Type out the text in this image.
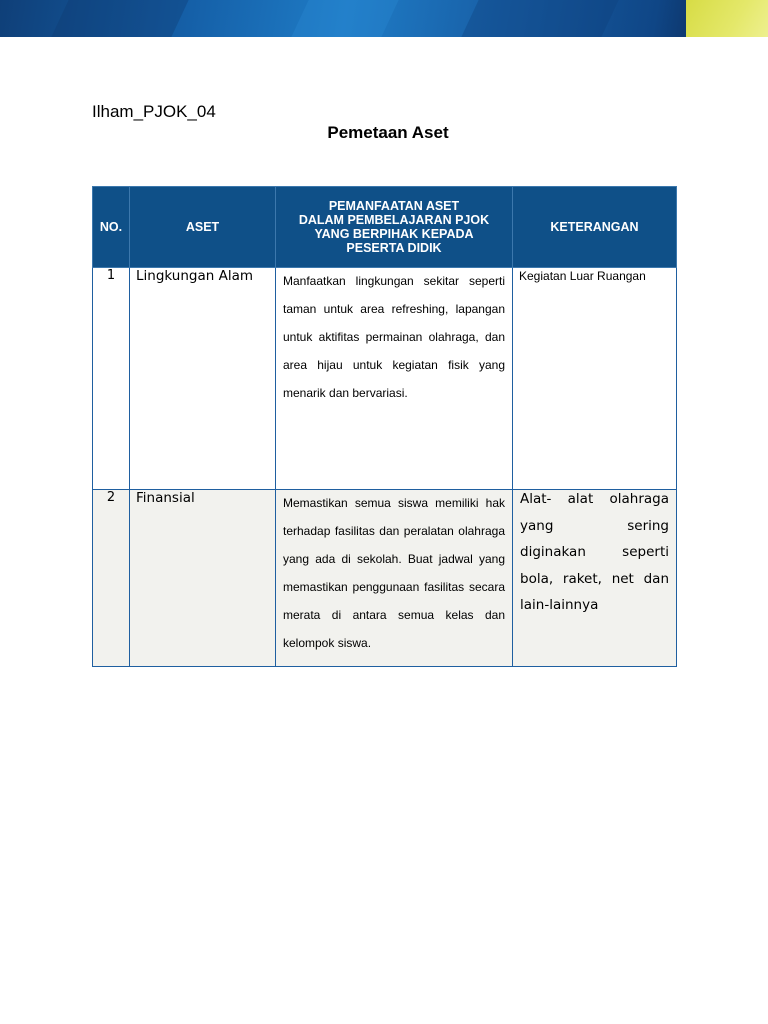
Ilham_PJOK_04
Pemetaan Aset
NO.	ASET	PEMANFAATAN ASET
DALAM PEMBELAJARAN PJOK
YANG BERPIHAK KEPADA
PESERTA DIDIK	KETERANGAN

1	Lingkungan Alam	Manfaatkan lingkungan sekitar seperti taman untuk area refreshing, lapangan untuk aktifitas permainan olahraga, dan area hijau untuk kegiatan fisik yang menarik dan bervariasi.	Kegiatan Luar Ruangan

2	Finansial	Memastikan semua siswa memiliki hak terhadap fasilitas dan peralatan olahraga yang ada di sekolah. Buat jadwal yang memastikan penggunaan fasilitas secara merata di antara semua kelas dan kelompok siswa.	Alat- alat olahraga yang sering diginakan seperti bola, raket, net dan lain-lainnya
